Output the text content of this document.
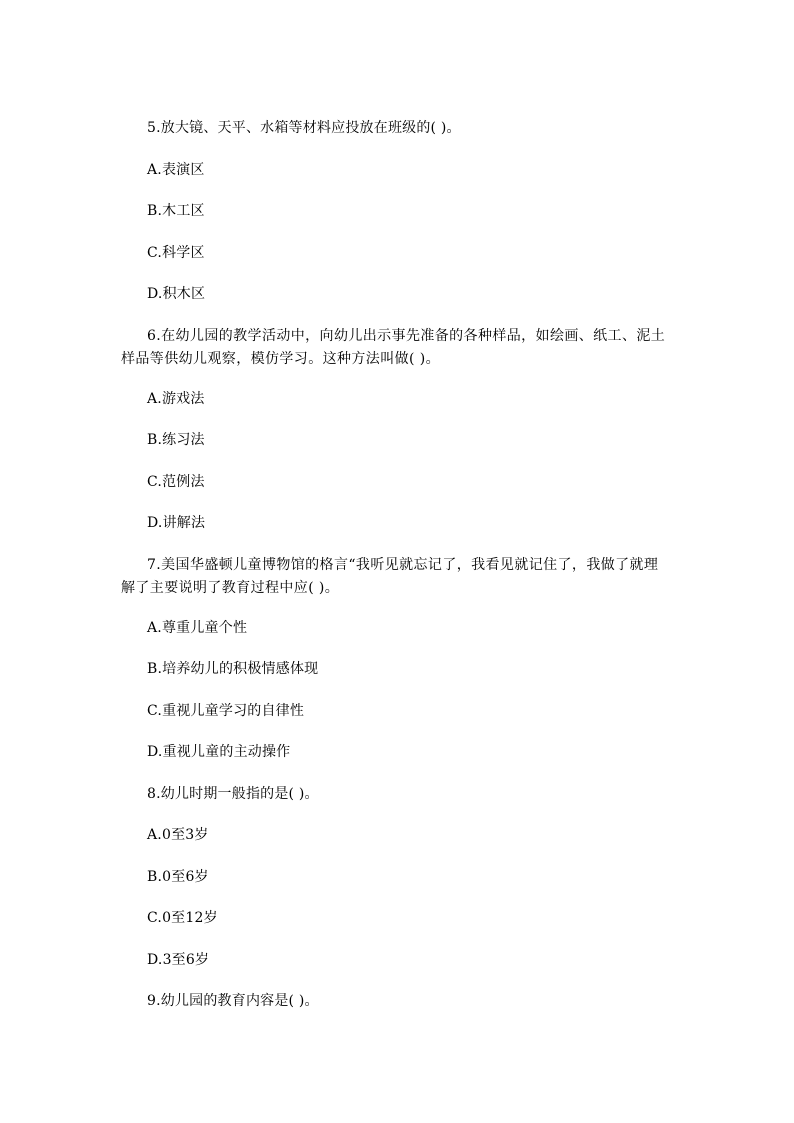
5.放大镜、天平、水箱等材料应投放在班级的( )。
A.表演区
B.木工区
C.科学区
D.积木区
6.在幼儿园的教学活动中，向幼儿出示事先准备的各种样品，如绘画、纸工、泥土样品等供幼儿观察，模仿学习。这种方法叫做( )。
A.游戏法
B.练习法
C.范例法
D.讲解法
7.美国华盛顿儿童博物馆的格言“我听见就忘记了，我看见就记住了，我做了就理解了主要说明了教育过程中应( )。
A.尊重儿童个性
B.培养幼儿的积极情感体现
C.重视儿童学习的自律性
D.重视儿童的主动操作
8.幼儿时期一般指的是( )。
A.0至3岁
B.0至6岁
C.0至12岁
D.3至6岁
9.幼儿园的教育内容是( )。
